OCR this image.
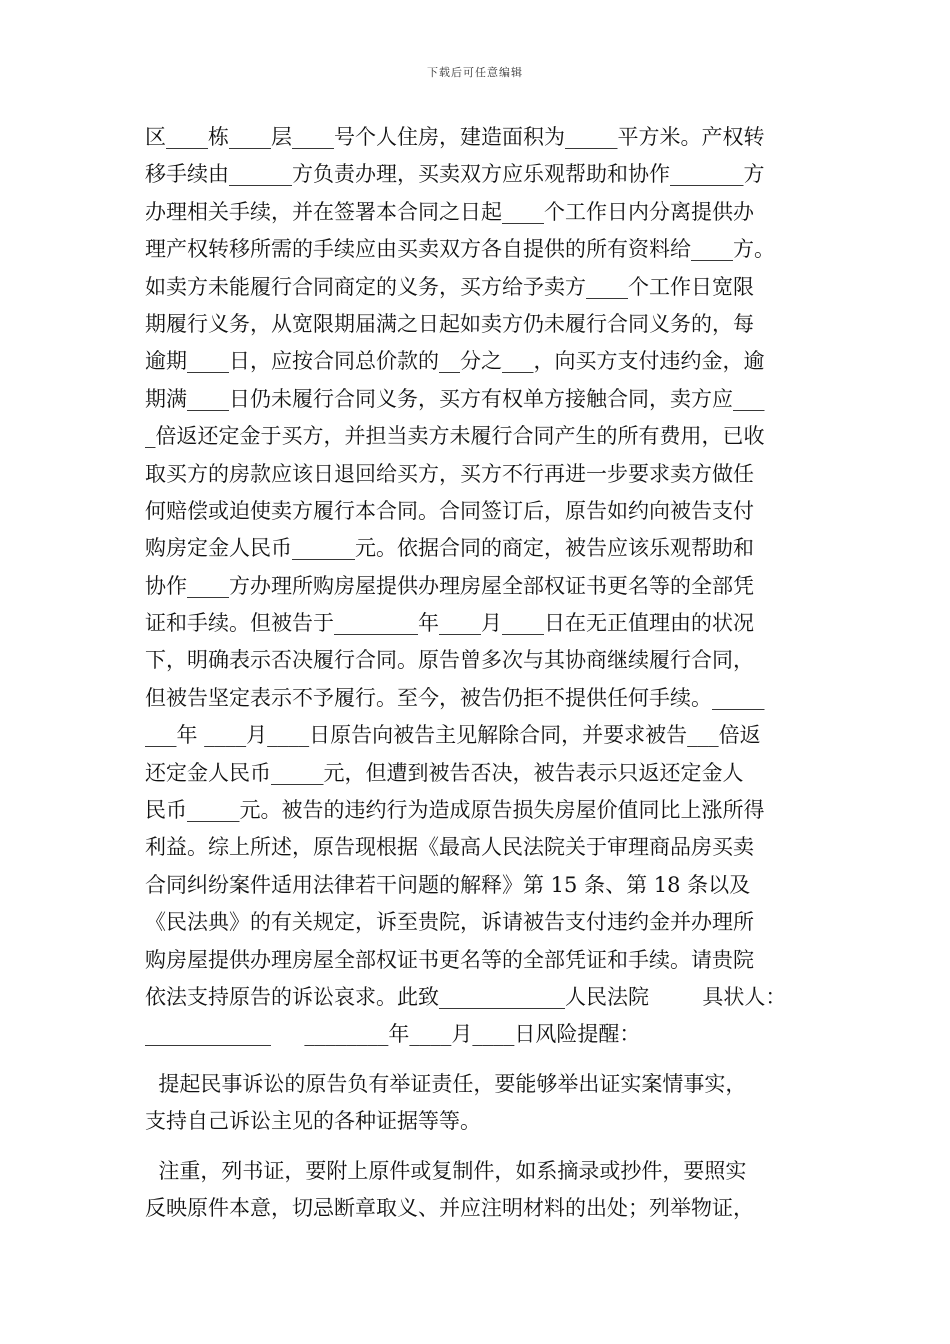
下载后可任意编辑
区____栋____层____号个人住房，建造面积为_____平方米。产权转
移手续由______方负责办理，买卖双方应乐观帮助和协作_______方
办理相关手续，并在签署本合同之日起____个工作日内分离提供办
理产权转移所需的手续应由买卖双方各自提供的所有资料给____方。
如卖方未能履行合同商定的义务，买方给予卖方____个工作日宽限
期履行义务，从宽限期届满之日起如卖方仍未履行合同义务的，每
逾期____日，应按合同总价款的__分之___，向买方支付违约金，逾
期满____日仍未履行合同义务，买方有权单方接触合同，卖方应___
_倍返还定金于买方，并担当卖方未履行合同产生的所有费用，已收
取买方的房款应该日退回给买方，买方不行再进一步要求卖方做任
何赔偿或迫使卖方履行本合同。合同签订后，原告如约向被告支付
购房定金人民币______元。依据合同的商定，被告应该乐观帮助和
协作____方办理所购房屋提供办理房屋全部权证书更名等的全部凭
证和手续。但被告于________年____月____日在无正值理由的状况
下，明确表示否决履行合同。原告曾多次与其协商继续履行合同，
但被告坚定表示不予履行。至今，被告仍拒不提供任何手续。_____
___年 ____月____日原告向被告主见解除合同，并要求被告___倍返
还定金人民币_____元，但遭到被告否决，被告表示只返还定金人
民币_____元。被告的违约行为造成原告损失房屋价值同比上涨所得
利益。综上所述，原告现根据《最高人民法院关于审理商品房买卖
合同纠纷案件适用法律若干问题的解释》第 15 条、第 18 条以及
《民法典》的有关规定，诉至贵院，诉请被告支付违约金并办理所
购房屋提供办理房屋全部权证书更名等的全部凭证和手续。请贵院
依法支持原告的诉讼哀求。此致____________人民法院        具状人：
____________     ________年____月____日风险提醒：
提起民事诉讼的原告负有举证责任，要能够举出证实案情事实，
支持自己诉讼主见的各种证据等等。
注重，列书证，要附上原件或复制件，如系摘录或抄件，要照实
反映原件本意，切忌断章取义、并应注明材料的出处；列举物证，
